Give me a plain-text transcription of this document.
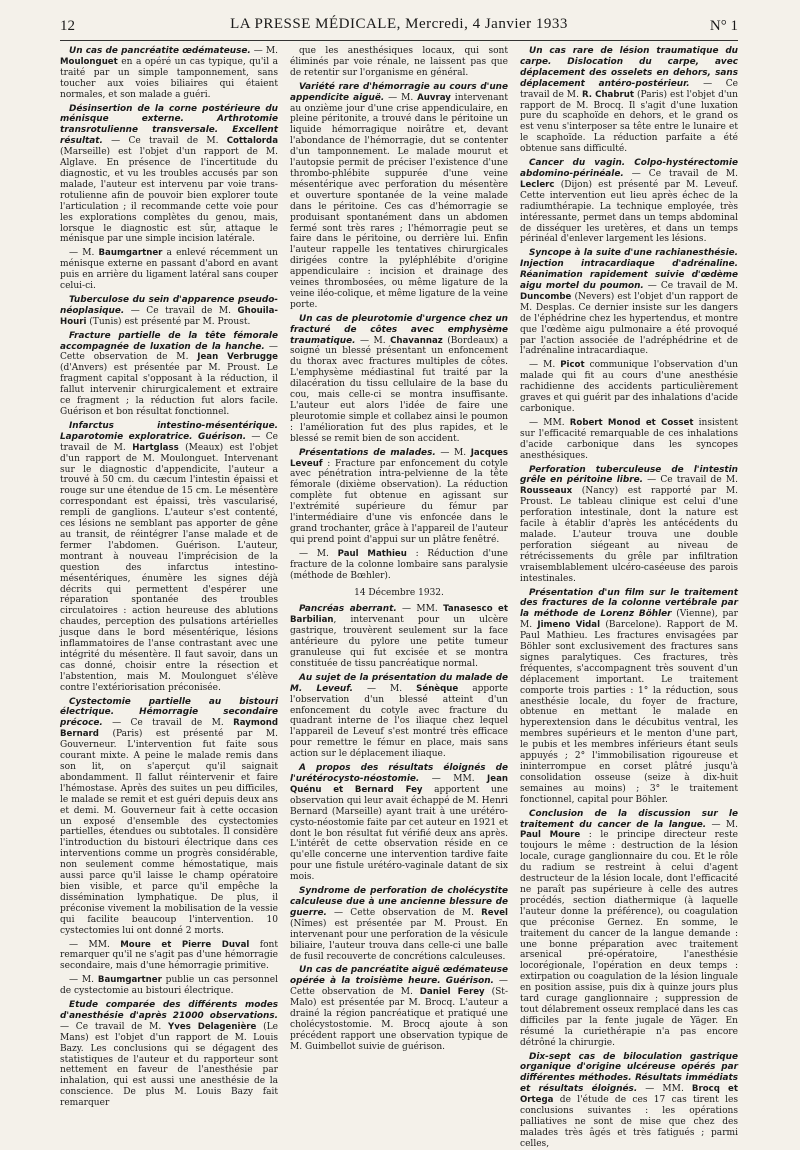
12	LA PRESSE MÉDICALE, Mercredi, 4 Janvier 1933	N° 1

Un cas de pancréatite œdémateuse. — M. Moulonguet en a opéré un cas typique, qu'il a traité par un simple tamponnement, sans toucher aux voies biliaires qui étaient normales, et son malade a guéri.

Désinsertion de la corne postérieure du ménisque externe. Arthrotomie transrotulienne transversale. Excellent résultat. — Ce travail de M. Cottalorda (Marseille) est l'objet d'un rapport de M. Alglave. En présence de l'incertitude du diagnostic, et vu les troubles accusés par son malade, l'auteur est intervenu par voie trans-rotulienne afin de pouvoir bien explorer toute l'articulation ; il recommande cette voie pour les explorations complètes du genou, mais, lorsque le diagnostic est sûr, attaque le ménisque par une simple incision latérale.

— M. Baumgartner a enlevé récemment un ménisque externe en passant d'abord en avant puis en arrière du ligament latéral sans couper celui-ci.

Tuberculose du sein d'apparence pseudo-néoplasique. — Ce travail de M. Ghouila-Houri (Tunis) est présenté par M. Proust.

Fracture partielle de la tête fémorale accompagnée de luxation de la hanche. — Cette observation de M. Jean Verbrugge (d'Anvers) est présentée par M. Proust. Le fragment capital s'opposant à la réduction, il fallut intervenir chirurgicalement et extraire ce fragment ; la réduction fut alors facile. Guérison et bon résultat fonctionnel.

Infarctus intestino-mésentérique. Laparotomie exploratrice. Guérison. — Ce travail de M. Hartglass (Meaux) est l'objet d'un rapport de M. Moulonguet. Intervenant sur le diagnostic d'appendicite, l'auteur a trouvé à 50 cm. du cæcum l'intestin épaissi et rouge sur une étendue de 15 cm. Le mésentère correspondant est épaissi, très vascularisé, rempli de ganglions. L'auteur s'est contenté, ces lésions ne semblant pas apporter de gêne au transit, de réintégrer l'anse malade et de fermer l'abdomen. Guérison. L'auteur, montrant à nouveau l'imprécision de la question des infarctus intestino-mésentériques, énumère les signes déjà décrits qui permettent d'espérer une réparation spontanée des troubles circulatoires : action heureuse des ablutions chaudes, perception des pulsations artérielles jusque dans le bord mésentérique, lésions inflammatoires de l'anse contrastant avec une intégrité du mésentère. Il faut savoir, dans un cas donné, choisir entre la résection et l'abstention, mais M. Moulonguet s'élève contre l'extériorisation préconisée.

Cystectomie partielle au bistouri électrique. Hémorragie secondaire précoce. — Ce travail de M. Raymond Bernard (Paris) est présenté par M. Gouverneur. L'intervention fut faite sous courant mixte. A peine le malade remis dans son lit, on s'aperçut qu'il saignait abondamment. Il fallut réintervenir et faire l'hémostase. Après des suites un peu difficiles, le malade se remit et est guéri depuis deux ans et demi. M. Gouverneur fait à cette occasion un exposé d'ensemble des cystectomies partielles, étendues ou subtotales. Il considère l'introduction du bistouri électrique dans ces interventions comme un progrès considérable, non seulement comme hémostatique, mais aussi parce qu'il laisse le champ opératoire bien visible, et parce qu'il empêche la dissémination lymphatique. De plus, il préconise vivement la mobilisation de la vessie qui facilite beaucoup l'intervention. 10 cystectomies lui ont donné 2 morts.

— MM. Moure et Pierre Duval font remarquer qu'il ne s'agit pas d'une hémorragie secondaire, mais d'une hémorragie primitive.

— M. Baumgartner publie un cas personnel de cystectomie au bistouri électrique.

Etude comparée des différents modes d'anesthésie d'après 21000 observations. — Ce travail de M. Yves Delagenière (Le Mans) est l'objet d'un rapport de M. Louis Bazy. Les conclusions qui se dégagent des statistiques de l'auteur et du rapporteur sont nettement en faveur de l'anesthésie par inhalation, qui est aussi une anesthésie de la conscience. De plus M. Louis Bazy fait remarquer

que les anesthésiques locaux, qui sont éliminés par voie rénale, ne laissent pas que de retentir sur l'organisme en général.

Variété rare d'hémorragie au cours d'une appendicite aiguë. — M. Auvray intervenant au onzième jour d'une crise appendiculaire, en pleine péritonite, a trouvé dans le péritoine un liquide hémorragique noirâtre et, devant l'abondance de l'hémorragie, dut se contenter d'un tamponnement. Le malade mourut et l'autopsie permit de préciser l'existence d'une thrombo-phlébite suppurée d'une veine mésentérique avec perforation du mésentère et ouverture spontanée de la veine malade dans le péritoine. Ces cas d'hémorragie se produisant spontanément dans un abdomen fermé sont très rares ; l'hémorragie peut se faire dans le péritoine, ou derrière lui. Enfin l'auteur rappelle les tentatives chirurgicales dirigées contre la pyléphlébite d'origine appendiculaire : incision et drainage des veines thrombosées, ou même ligature de la veine iléo-colique, et même ligature de la veine porte.

Un cas de pleurotomie d'urgence chez un fracturé de côtes avec emphysème traumatique. — M. Chavannaz (Bordeaux) a soigné un blessé présentant un enfoncement du thorax avec fractures multiples de côtes. L'emphysème médiastinal fut traité par la dilacération du tissu cellulaire de la base du cou, mais celle-ci se montra insuffisante. L'auteur eut alors l'idée de faire une pleurotomie simple et collabez ainsi le poumon : l'amélioration fut des plus rapides, et le blessé se remit bien de son accident.

Présentations de malades. — M. Jacques Leveuf : Fracture par enfoncement du cotyle avec pénétration intra-pelvienne de la tête fémorale (dixième observation). La réduction complète fut obtenue en agissant sur l'extrémité supérieure du fémur par l'intermédiaire d'une vis enfoncée dans le grand trochanter, grâce à l'appareil de l'auteur qui prend point d'appui sur un plâtre fenêtré.

— M. Paul Mathieu : Réduction d'une fracture de la colonne lombaire sans paralysie (méthode de Bœhler).

14 Décembre 1932.

Pancréas aberrant. — MM. Tanasesco et Barbilian, intervenant pour un ulcère gastrique, trouvèrent seulement sur la face antérieure du pylore une petite tumeur granuleuse qui fut excisée et se montra constituée de tissu pancréatique normal.

Au sujet de la présentation du malade de M. Leveuf. — M. Sénèque apporte l'observation d'un blessé atteint d'un enfoncement du cotyle avec fracture du quadrant interne de l'os iliaque chez lequel l'appareil de Leveuf s'est montré très efficace pour remettre le fémur en place, mais sans action sur le déplacement iliaque.

A propos des résultats éloignés de l'urétérocysto-néostomie. — MM. Jean Quénu et Bernard Fey apportent une observation qui leur avait échappé de M. Henri Bernard (Marseille) ayant trait à une urétéro-cysto-néostomie faite par cet auteur en 1921 et dont le bon résultat fut vérifié deux ans après. L'intérêt de cette observation réside en ce qu'elle concerne une intervention tardive faite pour une fistule urétéro-vaginale datant de six mois.

Syndrome de perforation de cholécystite calculeuse due à une ancienne blessure de guerre. — Cette observation de M. Revel (Nîmes) est présentée par M. Proust. En intervenant pour une perforation de la vésicule biliaire, l'auteur trouva dans celle-ci une balle de fusil recouverte de concrétions calculeuses.

Un cas de pancréatite aiguë œdémateuse opérée à la troisième heure. Guérison. — Cette observation de M. Daniel Ferey (St-Malo) est présentée par M. Brocq. L'auteur a drainé la région pancréatique et pratiqué une cholécystostomie. M. Brocq ajoute à son précédent rapport une observation typique de M. Guimbellot suivie de guérison.

Un cas rare de lésion traumatique du carpe. Dislocation du carpe, avec déplacement des osselets en dehors, sans déplacement antéro-postérieur. — Ce travail de M. R. Chabrut (Paris) est l'objet d'un rapport de M. Brocq. Il s'agit d'une luxation pure du scaphoïde en dehors, et le grand os est venu s'interposer sa tête entre le lunaire et le scaphoïde. La réduction parfaite a été obtenue sans difficulté.

Cancer du vagin. Colpo-hystérectomie abdomino-périnéale. — Ce travail de M. Leclerc (Dijon) est présenté par M. Leveuf. Cette intervention eut lieu après échec de la radiumthérapie. La technique employée, très intéressante, permet dans un temps abdominal de disséquer les uretères, et dans un temps périnéal d'enlever largement les lésions.

Syncope à la suite d'une rachianesthésie. Injection intracardiaque d'adrénaline. Réanimation rapidement suivie d'œdème aigu mortel du poumon. — Ce travail de M. Duncombe (Nevers) est l'objet d'un rapport de M. Desplas. Ce dernier insiste sur les dangers de l'éphédrine chez les hypertendus, et montre que l'œdème aigu pulmonaire a été provoqué par l'action associée de l'adréphédrine et de l'adrénaline intracardiaque.

— M. Picot communique l'observation d'un malade qui fit au cours d'une anesthésie rachidienne des accidents particulièrement graves et qui guérit par des inhalations d'acide carbonique.

— MM. Robert Monod et Cosset insistent sur l'efficacité remarquable de ces inhalations d'acide carbonique dans les syncopes anesthésiques.

Perforation tuberculeuse de l'intestin grêle en péritoine libre. — Ce travail de M. Rousseaux (Nancy) est rapporté par M. Proust. Le tableau clinique est celui d'une perforation intestinale, dont la nature est facile à établir d'après les antécédents du malade. L'auteur trouva une double perforation siégeant au niveau de rétrécissements du grêle par infiltration vraisemblablement ulcéro-caséeuse des parois intestinales.

Présentation d'un film sur le traitement des fractures de la colonne vertébrale par la méthode de Lorenz Böhler (Vienne), par M. Jimeno Vidal (Barcelone). Rapport de M. Paul Mathieu. Les fractures envisagées par Böhler sont exclusivement des fractures sans signes paralytiques. Ces fractures, très fréquentes, s'accompagnent très souvent d'un déplacement important. Le traitement comporte trois parties : 1° la réduction, sous anesthésie locale, du foyer de fracture, obtenue en mettant le malade en hyperextension dans le décubitus ventral, les membres supérieurs et le menton d'une part, le pubis et les membres inférieurs étant seuls appuyés ; 2° l'immobilisation rigoureuse et ininterrompue en corset plâtré jusqu'à consolidation osseuse (seize à dix-huit semaines au moins) ; 3° le traitement fonctionnel, capital pour Böhler.

Conclusion de la discussion sur le traitement du cancer de la langue. — M. Paul Moure : le principe directeur reste toujours le même : destruction de la lésion locale, curage ganglionnaire du cou. Et le rôle du radium se restreint à celui d'agent destructeur de la lésion locale, dont l'efficacité ne paraît pas supérieure à celle des autres procédés, section diathermique (à laquelle l'auteur donne la préférence), ou coagulation que préconise Gernez. En somme, le traitement du cancer de la langue demande : une bonne préparation avec traitement arsenical pré-opératoire, l'anesthésie locorégionale, l'opération en deux temps : extirpation ou coagulation de la lésion linguale en position assise, puis dix à quinze jours plus tard curage ganglionnaire ; suppression de tout délabrement osseux remplacé dans les cas difficiles par la fente jugale de Yäger. En résumé la curiethérapie n'a pas encore détrôné la chirurgie.

Dix-sept cas de biloculation gastrique organique d'origine ulcéreuse opérés par différentes méthodes. Résultats immédiats et résultats éloignés. — MM. Brocq et Ortega de l'étude de ces 17 cas tirent les conclusions suivantes : les opérations palliatives ne sont de mise que chez des malades très âgés et très fatigués ; parmi celles,
